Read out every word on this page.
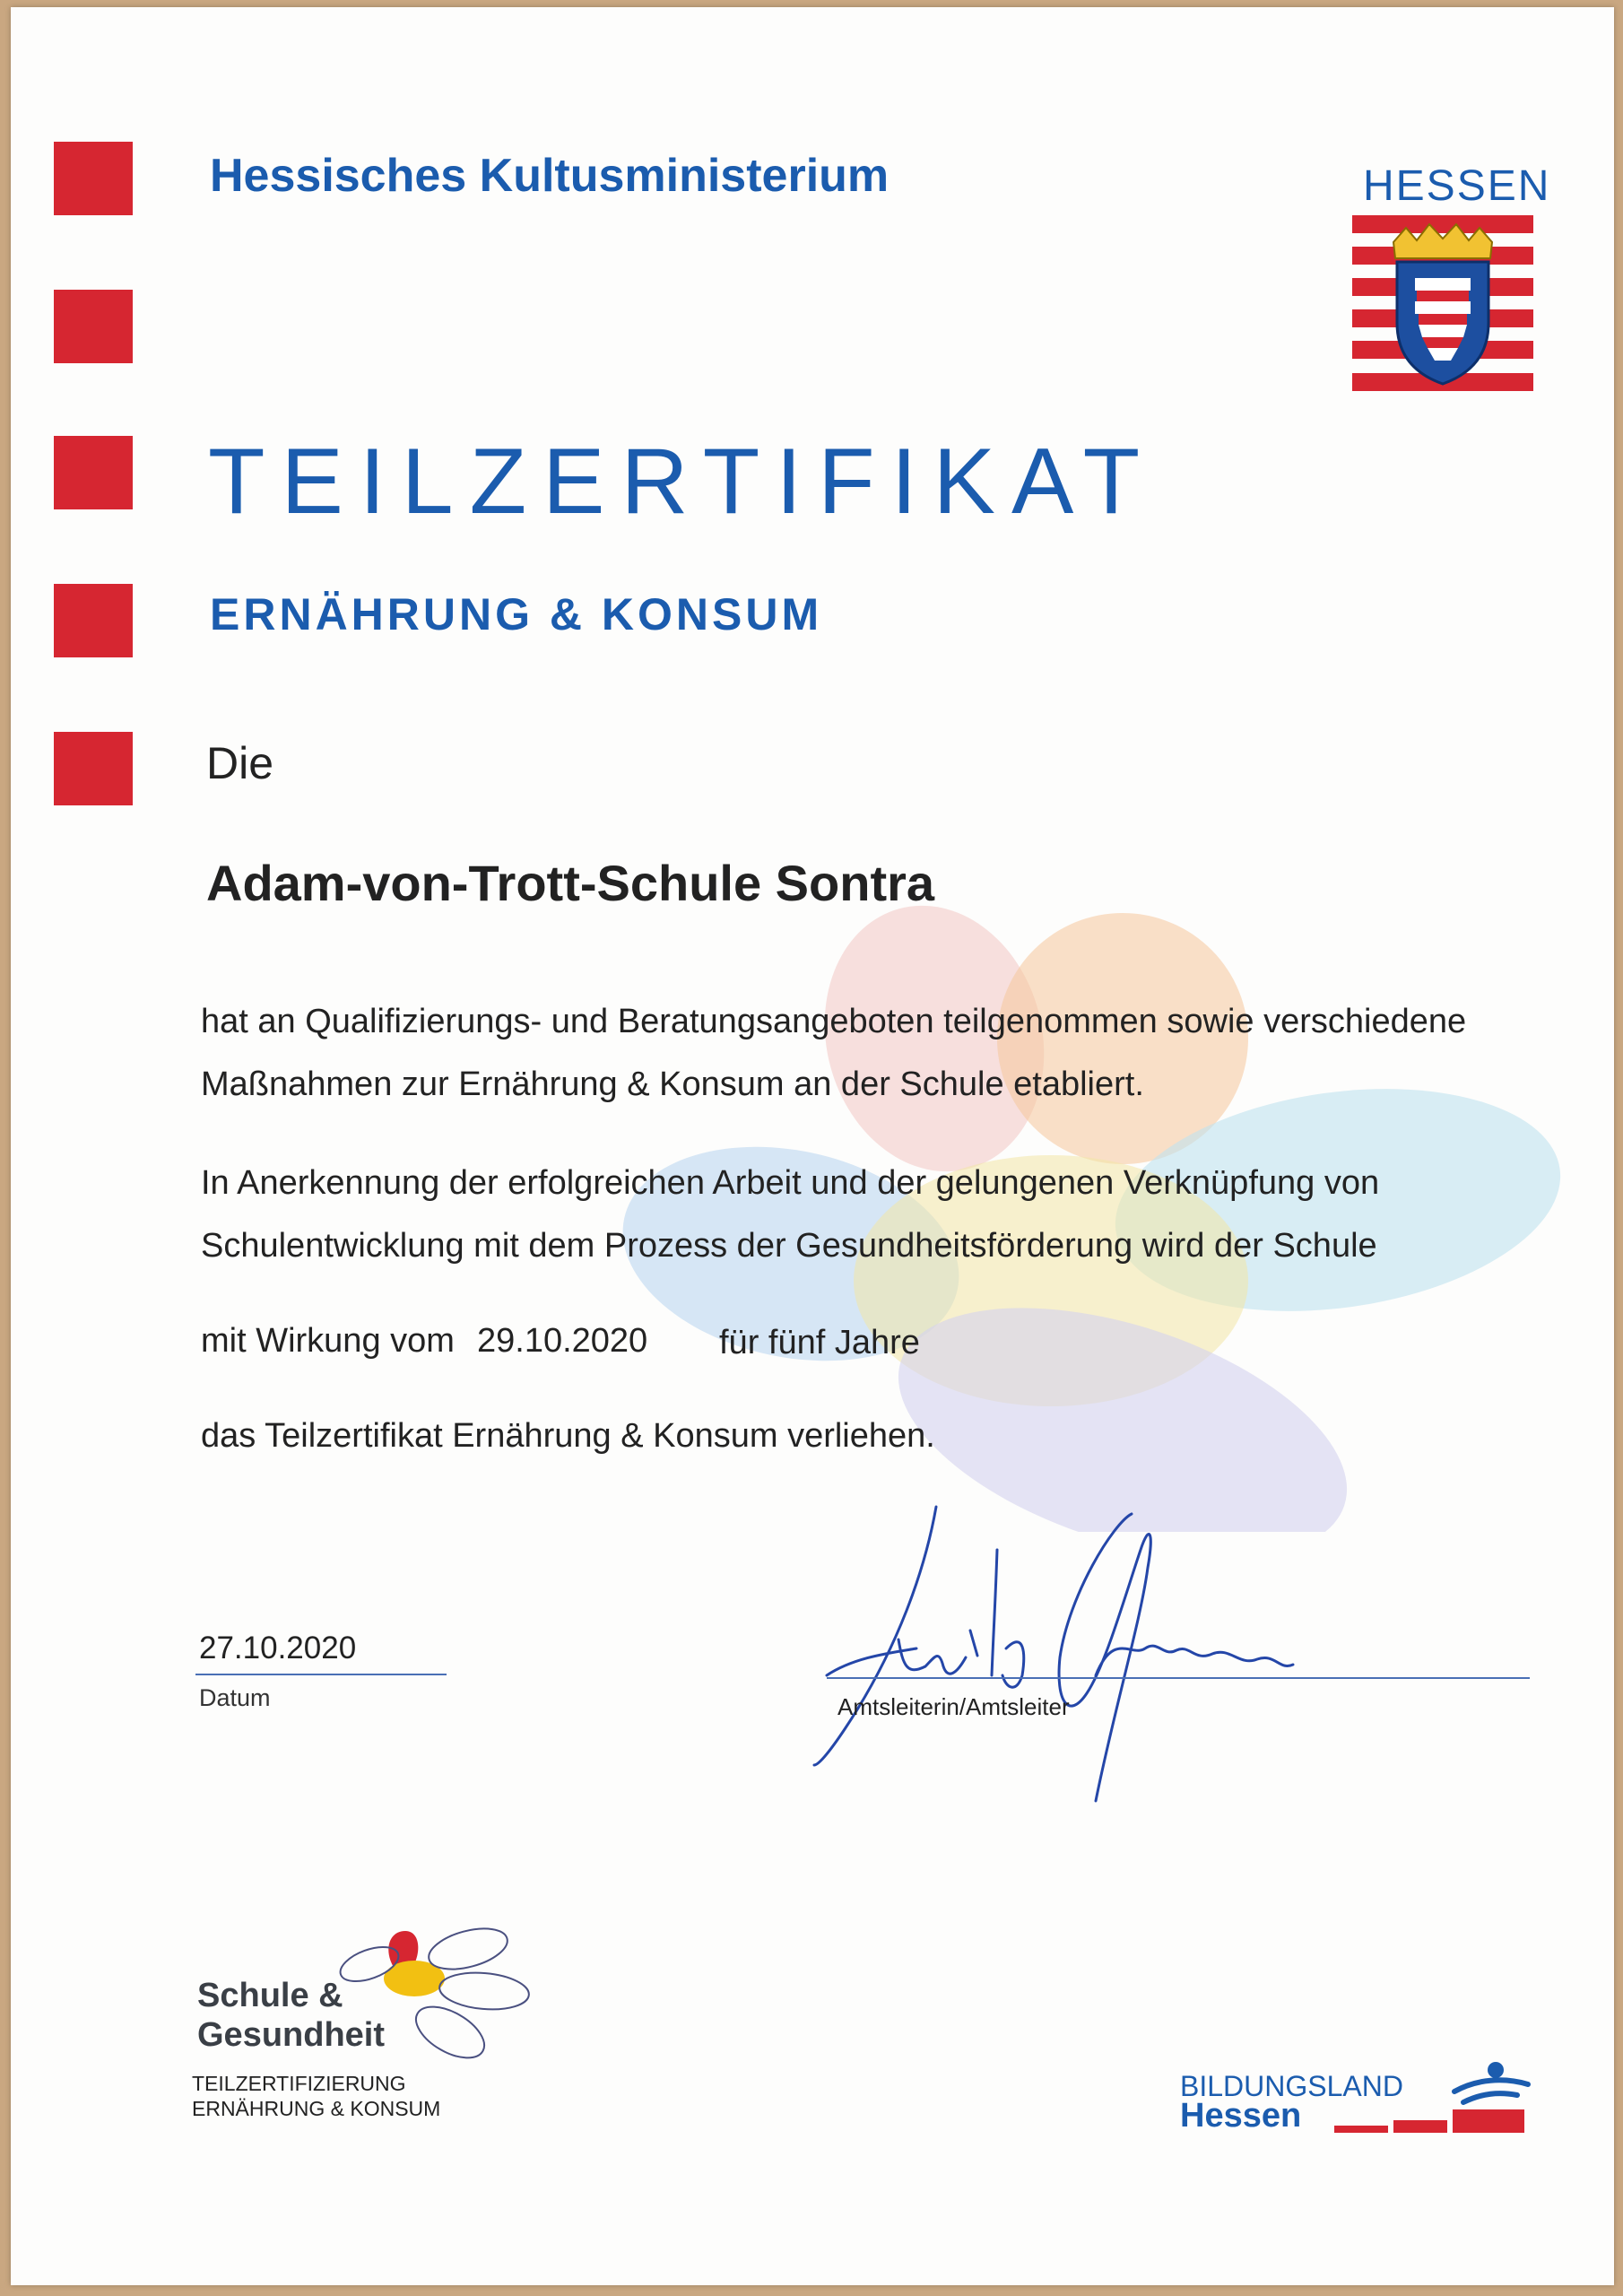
Hessisches Kultusministerium	HESSEN
TEILZERTIFIKAT
ERNÄHRUNG & KONSUM
Die
Adam-von-Trott-Schule Sontra
hat an Qualifizierungs- und Beratungsangeboten teilgenommen sowie verschiedene
Maßnahmen zur Ernährung & Konsum an der Schule etabliert.
In Anerkennung der erfolgreichen Arbeit und der gelungenen Verknüpfung von
Schulentwicklung mit dem Prozess der Gesundheitsförderung wird der Schule
mit Wirkung vom 29.10.2020 für fünf Jahre
das Teilzertifikat Ernährung & Konsum verliehen.
27.10.2020
Datum	Amtsleiterin/Amtsleiter
Schule &
Gesundheit
TEILZERTIFIZIERUNG
ERNÄHRUNG & KONSUM
BILDUNGSLAND
Hessen
